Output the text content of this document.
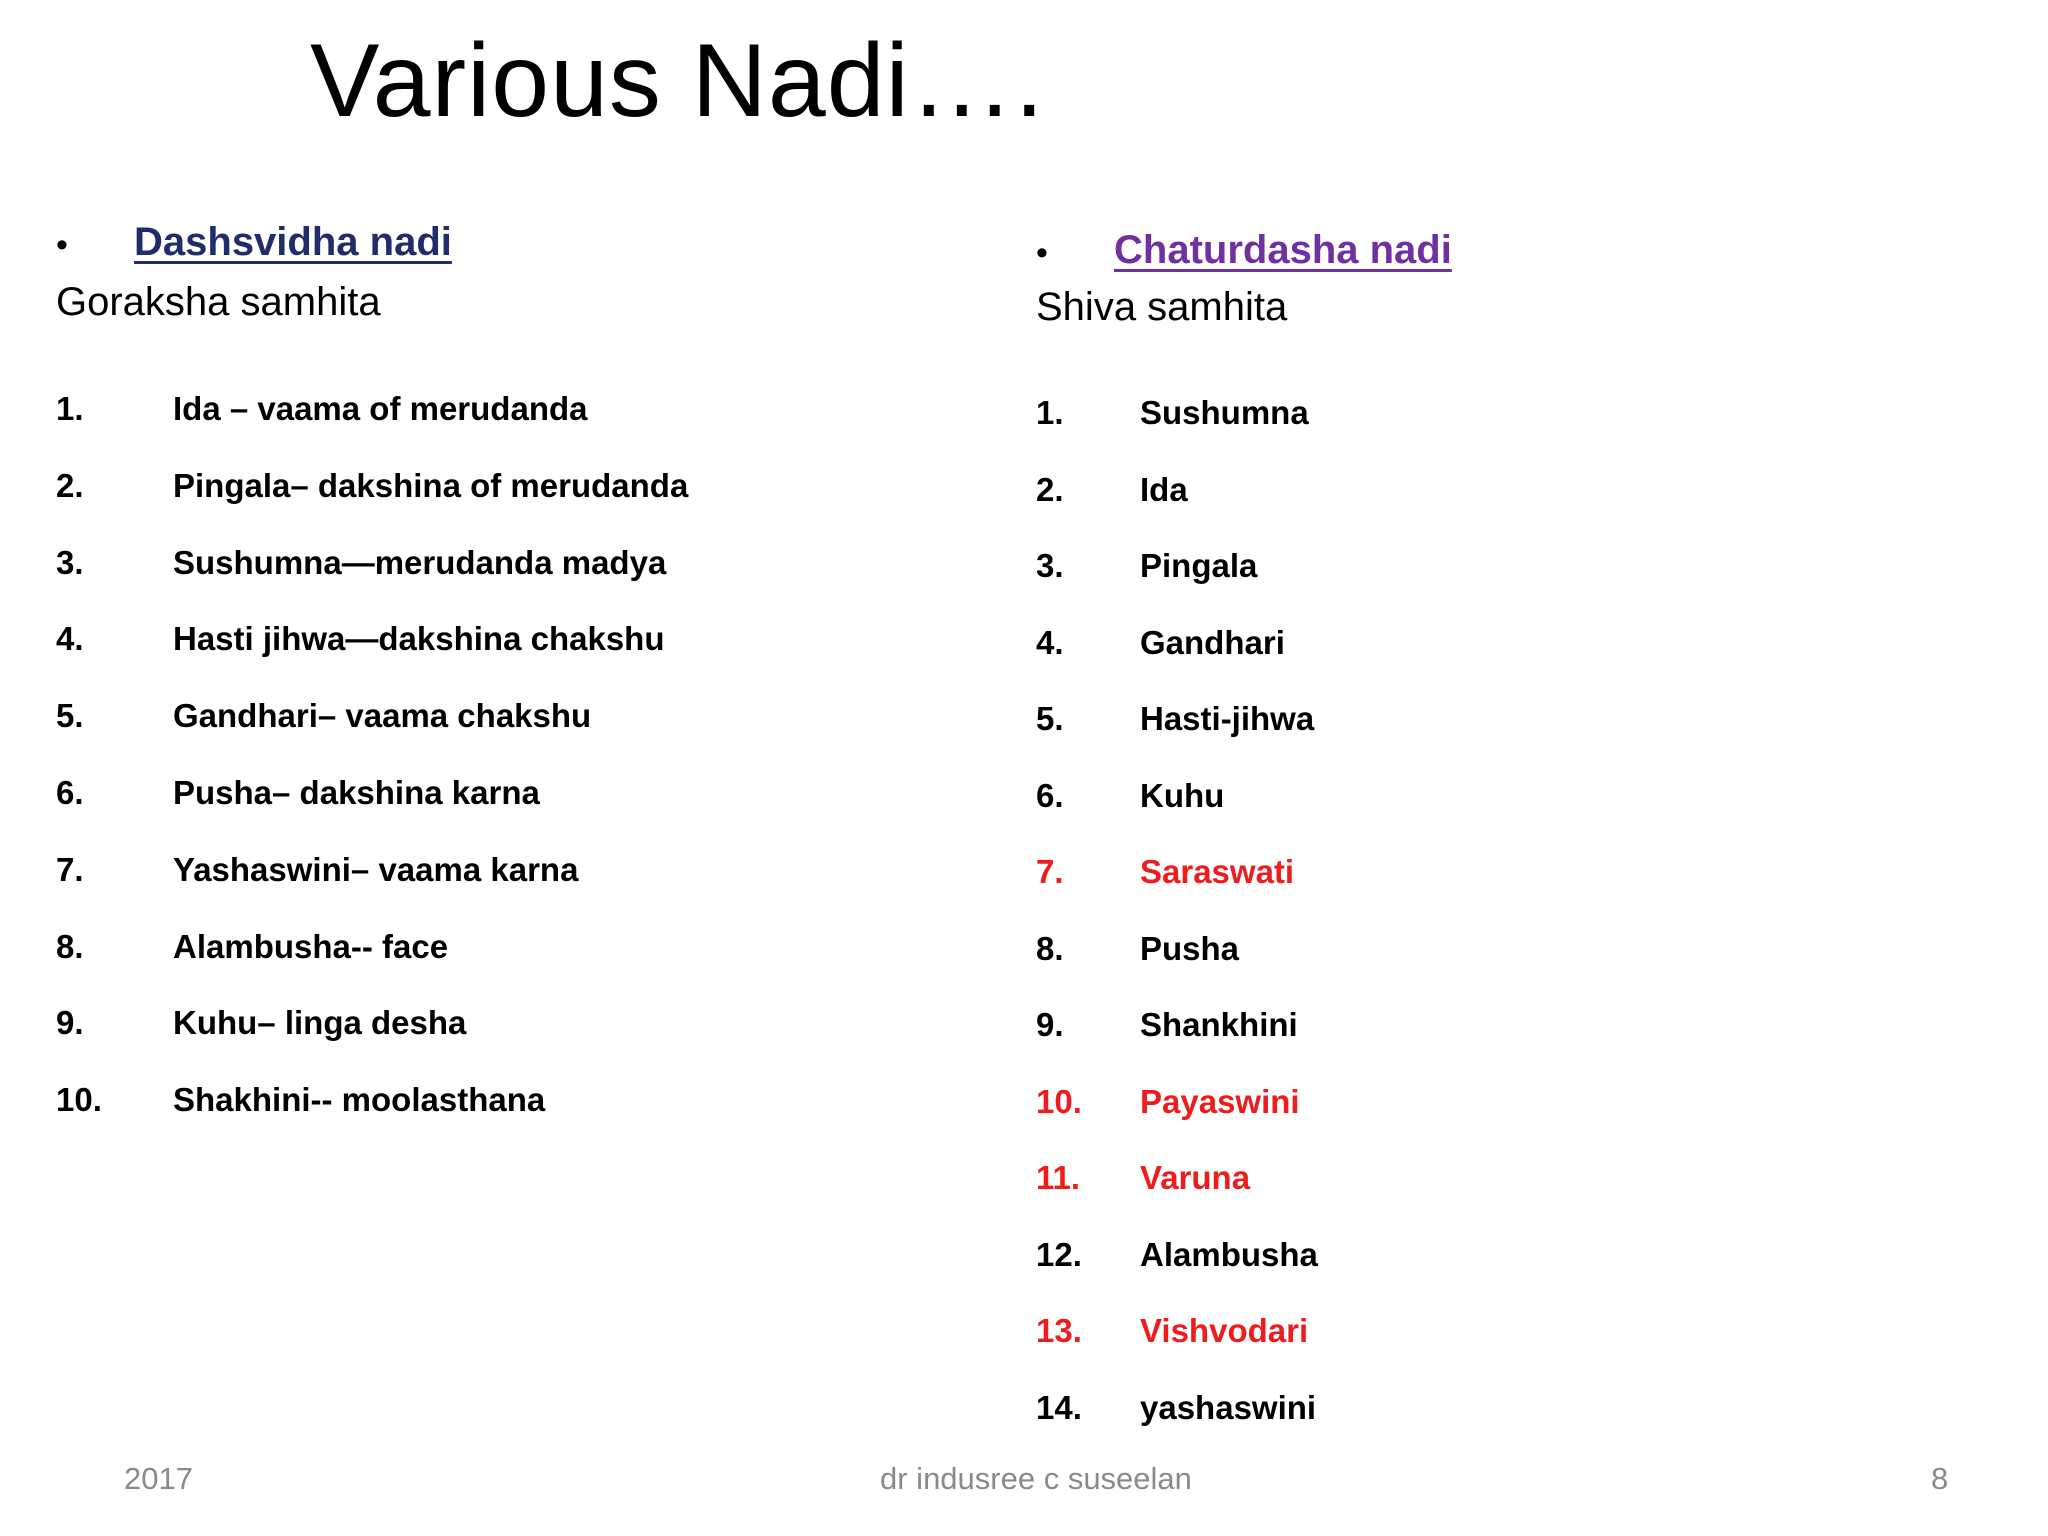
Various Nadi….
• Dashsvidha nadi
Goraksha samhita
1.	Ida – vaama of merudanda
2.	Pingala– dakshina of merudanda
3.	Sushumna—merudanda madya
4.	Hasti jihwa—dakshina chakshu
5.	Gandhari– vaama chakshu
6.	Pusha– dakshina karna
7.	Yashaswini– vaama karna
8.	Alambusha-- face
9.	Kuhu– linga desha
10. Shakhini-- moolasthana
• Chaturdasha nadi
Shiva samhita
1. Sushumna
2. Ida
3. Pingala
4. Gandhari
5. Hasti-jihwa
6. Kuhu
7. Saraswati
8. Pusha
9. Shankhini
10. Payaswini
11. Varuna
12. Alambusha
13. Vishvodari
14. yashaswini
2017	dr indusree c suseelan	8
